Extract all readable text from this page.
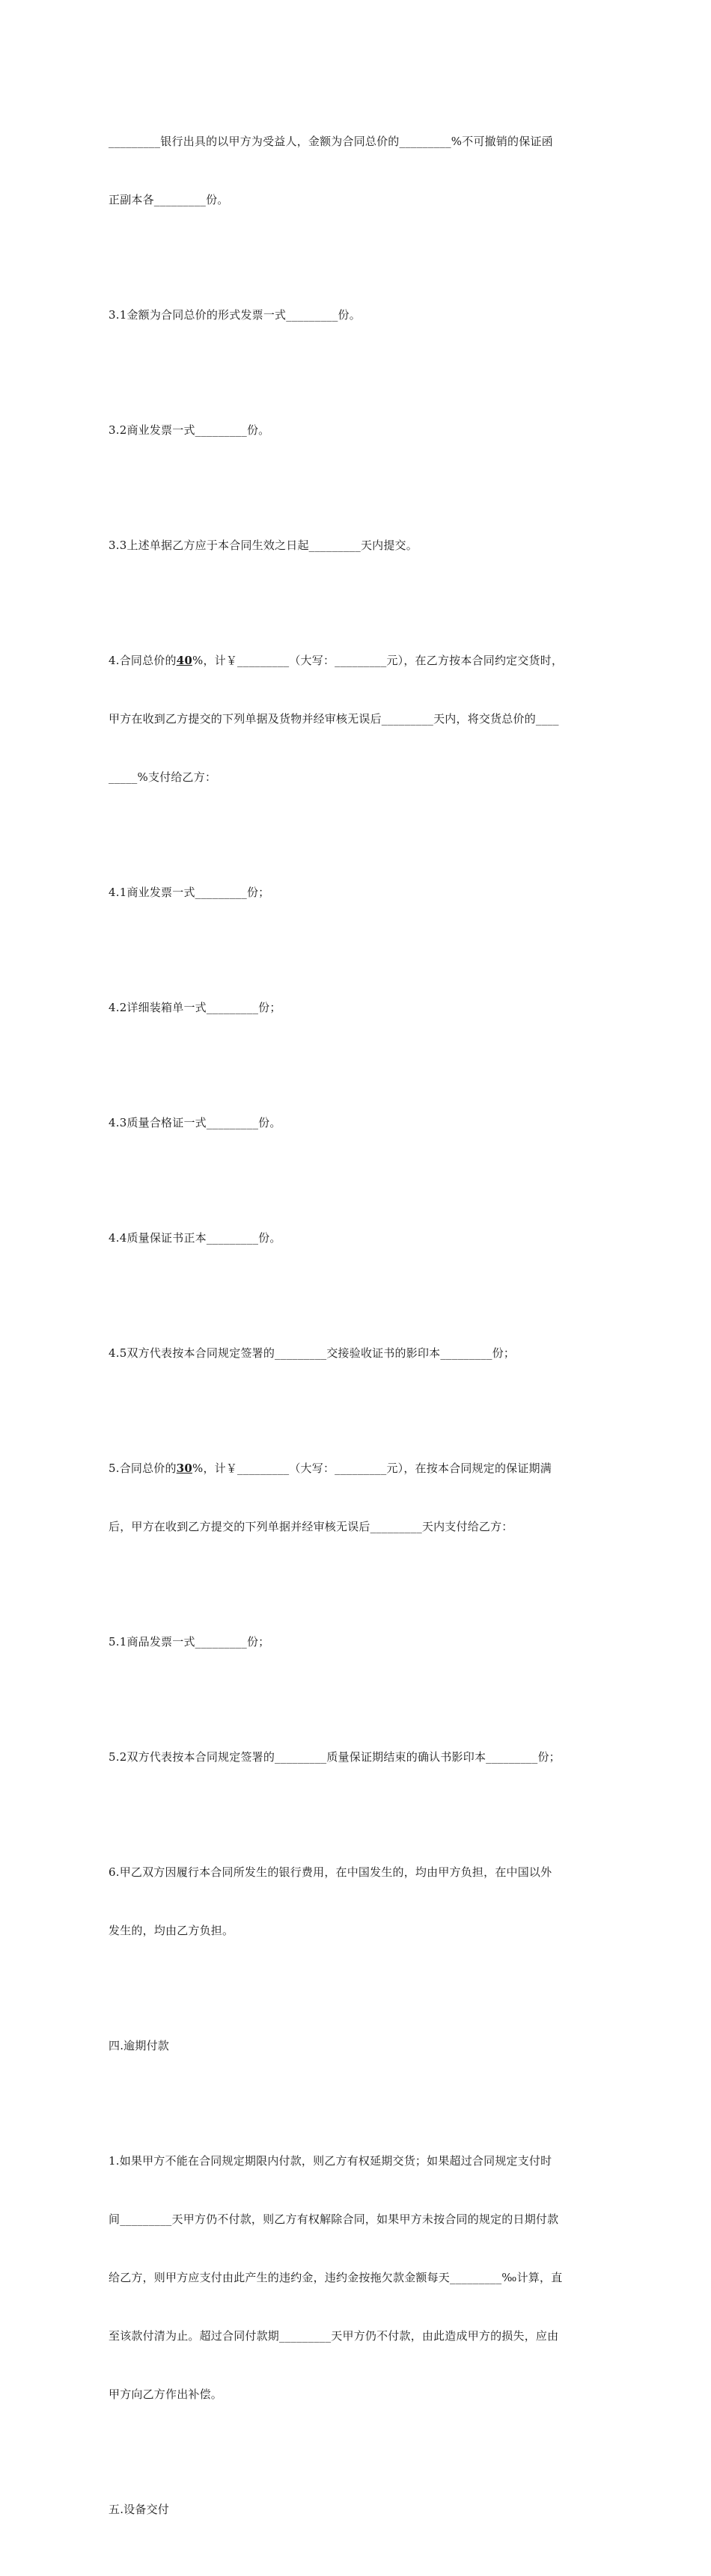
_________银行出具的以甲方为受益人，金额为合同总价的_________%不可撤销的保证函

正副本各_________份。

3.1金额为合同总价的形式发票一式_________份。

3.2商业发票一式_________份。

3.3上述单据乙方应于本合同生效之日起_________天内提交。

4.合同总价的40%，计￥_________（大写：_________元），在乙方按本合同约定交货时，

甲方在收到乙方提交的下列单据及货物并经审核无误后_________天内，将交货总价的____

_____%支付给乙方：

4.1商业发票一式_________份；

4.2详细装箱单一式_________份；

4.3质量合格证一式_________份。

4.4质量保证书正本_________份。

4.5双方代表按本合同规定签署的_________交接验收证书的影印本_________份；

5.合同总价的30%，计￥_________（大写：_________元），在按本合同规定的保证期满

后，甲方在收到乙方提交的下列单据并经审核无误后_________天内支付给乙方：

5.1商品发票一式_________份；

5.2双方代表按本合同规定签署的_________质量保证期结束的确认书影印本_________份；

6.甲乙双方因履行本合同所发生的银行费用，在中国发生的，均由甲方负担，在中国以外

发生的，均由乙方负担。

四.逾期付款

1.如果甲方不能在合同规定期限内付款，则乙方有权延期交货；如果超过合同规定支付时

间_________天甲方仍不付款，则乙方有权解除合同，如果甲方未按合同的规定的日期付款

给乙方，则甲方应支付由此产生的违约金，违约金按拖欠款金额每天_________‰计算，直

至该款付清为止。超过合同付款期_________天甲方仍不付款，由此造成甲方的损失，应由

甲方向乙方作出补偿。

五.设备交付
